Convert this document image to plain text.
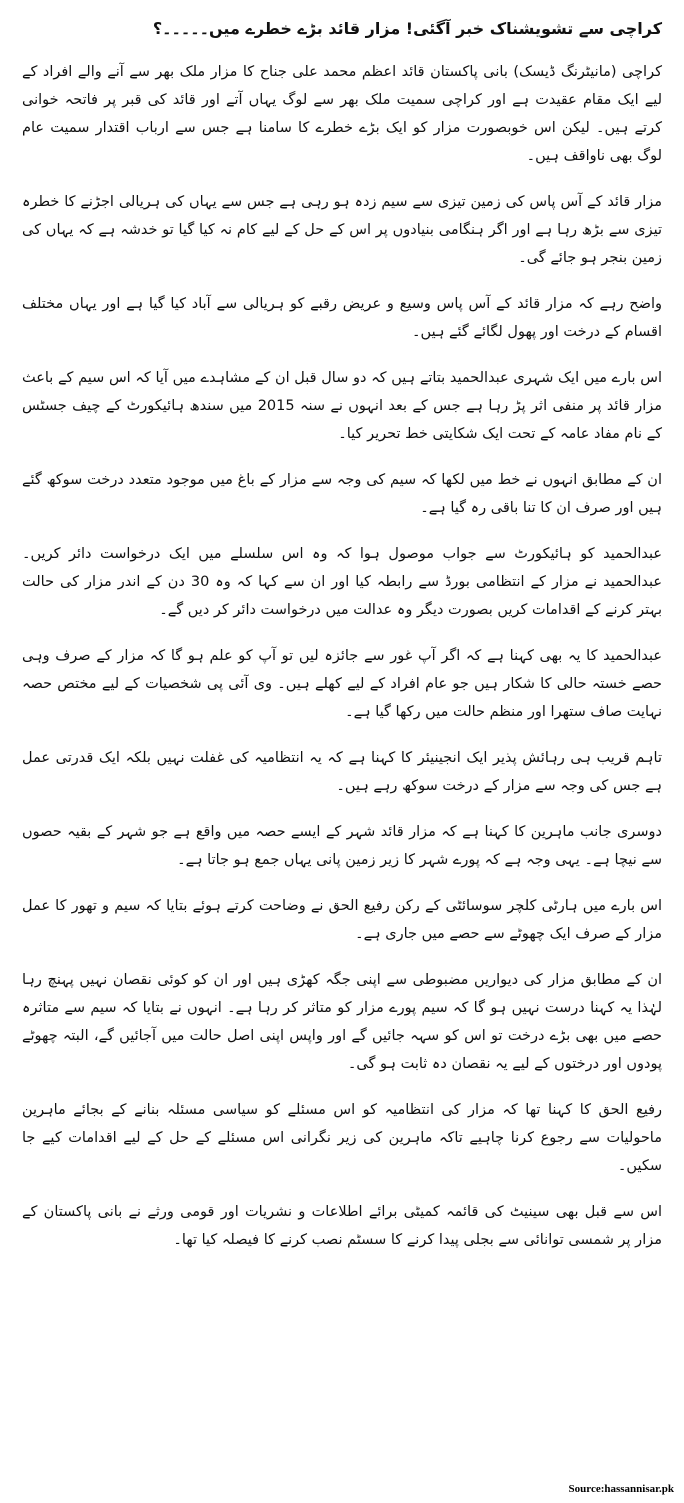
کراچی سے تشویشناک خبر آگئی! مزار قائد بڑے خطرے میں۔۔۔۔۔؟

کراچی (مانیٹرنگ ڈیسک) بانی پاکستان قائد اعظم محمد علی جناح کا مزار ملک بھر سے آنے والے افراد کے لیے ایک مقام عقیدت ہے اور کراچی سمیت ملک بھر سے لوگ یہاں آتے اور قائد کی قبر پر فاتحہ خوانی کرتے ہیں۔ لیکن اس خوبصورت مزار کو ایک بڑے خطرے کا سامنا ہے جس سے ارباب اقتدار سمیت عام لوگ بھی ناواقف ہیں۔

مزار قائد کے آس پاس کی زمین تیزی سے سیم زدہ ہو رہی ہے جس سے یہاں کی ہریالی اجڑنے کا خطرہ تیزی سے بڑھ رہا ہے اور اگر ہنگامی بنیادوں پر اس کے حل کے لیے کام نہ کیا گیا تو خدشہ ہے کہ یہاں کی زمین بنجر ہو جائے گی۔

واضح رہے کہ مزار قائد کے آس پاس وسیع و عریض رقبے کو ہریالی سے آباد کیا گیا ہے اور یہاں مختلف اقسام کے درخت اور پھول لگائے گئے ہیں۔

اس بارے میں ایک شہری عبدالحمید بتاتے ہیں کہ دو سال قبل ان کے مشاہدے میں آیا کہ اس سیم کے باعث مزار قائد پر منفی اثر پڑ رہا ہے جس کے بعد انہوں نے سنہ 2015 میں سندھ ہائیکورٹ کے چیف جسٹس کے نام مفاد عامہ کے تحت ایک شکایتی خط تحریر کیا۔

ان کے مطابق انہوں نے خط میں لکھا کہ سیم کی وجہ سے مزار کے باغ میں موجود متعدد درخت سوکھ گئے ہیں اور صرف ان کا تنا باقی رہ گیا ہے۔

عبدالحمید کو ہائیکورٹ سے جواب موصول ہوا کہ وہ اس سلسلے میں ایک درخواست دائر کریں۔ عبدالحمید نے مزار کے انتظامی بورڈ سے رابطہ کیا اور ان سے کہا کہ وہ 30 دن کے اندر مزار کی حالت بہتر کرنے کے اقدامات کریں بصورت دیگر وہ عدالت میں درخواست دائر کر دیں گے۔

عبدالحمید کا یہ بھی کہنا ہے کہ اگر آپ غور سے جائزہ لیں تو آپ کو علم ہو گا کہ مزار کے صرف وہی حصے خستہ حالی کا شکار ہیں جو عام افراد کے لیے کھلے ہیں۔ وی آئی پی شخصیات کے لیے مختص حصہ نہایت صاف ستھرا اور منظم حالت میں رکھا گیا ہے۔

تاہم قریب ہی رہائش پذیر ایک انجینیئر کا کہنا ہے کہ یہ انتظامیہ کی غفلت نہیں بلکہ ایک قدرتی عمل ہے جس کی وجہ سے مزار کے درخت سوکھ رہے ہیں۔

دوسری جانب ماہرین کا کہنا ہے کہ مزار قائد شہر کے ایسے حصہ میں واقع ہے جو شہر کے بقیہ حصوں سے نیچا ہے۔ یہی وجہ ہے کہ پورے شہر کا زیر زمین پانی یہاں جمع ہو جاتا ہے۔

اس بارے میں ہارٹی کلچر سوسائٹی کے رکن رفیع الحق نے وضاحت کرتے ہوئے بتایا کہ سیم و تھور کا عمل مزار کے صرف ایک چھوٹے سے حصے میں جاری ہے۔

ان کے مطابق مزار کی دیواریں مضبوطی سے اپنی جگہ کھڑی ہیں اور ان کو کوئی نقصان نہیں پہنچ رہا لہٰذا یہ کہنا درست نہیں ہو گا کہ سیم پورے مزار کو متاثر کر رہا ہے۔ انہوں نے بتایا کہ سیم سے متاثرہ حصے میں بھی بڑے درخت تو اس کو سہہ جائیں گے اور واپس اپنی اصل حالت میں آجائیں گے، البتہ چھوٹے پودوں اور درختوں کے لیے یہ نقصان دہ ثابت ہو گی۔

رفیع الحق کا کہنا تھا کہ مزار کی انتظامیہ کو اس مسئلے کو سیاسی مسئلہ بنانے کے بجائے ماہرین ماحولیات سے رجوع کرنا چاہیے تاکہ ماہرین کی زیر نگرانی اس مسئلے کے حل کے لیے اقدامات کیے جا سکیں۔

اس سے قبل بھی سینیٹ کی قائمہ کمیٹی برائے اطلاعات و نشریات اور قومی ورثے نے بانی پاکستان کے مزار پر شمسی توانائی سے بجلی پیدا کرنے کا سسٹم نصب کرنے کا فیصلہ کیا تھا۔

Source:hassannisar.pk
